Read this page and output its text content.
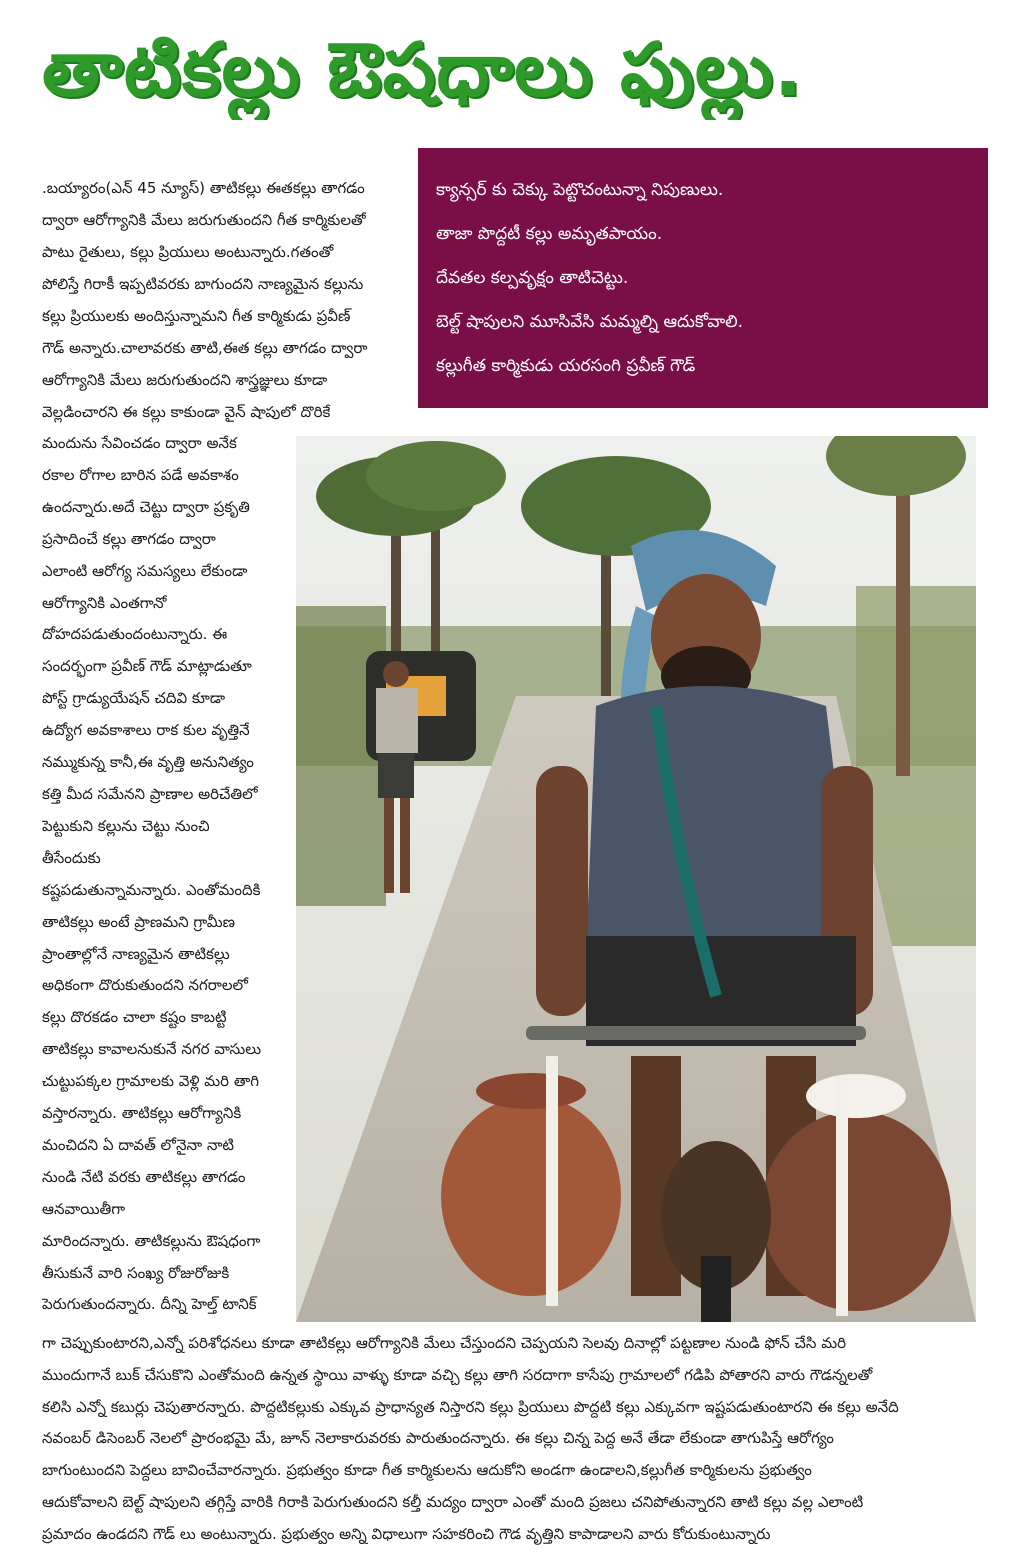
తాటికల్లు ఔషధాలు ఫుల్లు.

.బయ్యారం(ఎన్ 45 న్యూస్) తాటికల్లు ఈతకల్లు తాగడం

ద్వారా ఆరోగ్యానికి మేలు జరుగుతుందని గీత కార్మికులతో

పాటు రైతులు, కల్లు ప్రియులు అంటున్నారు.గతంతో

పోలిస్తే గిరాకీ ఇప్పటివరకు బాగుందని నాణ్యమైన కల్లును

కల్లు ప్రియులకు అందిస్తున్నామని గీత కార్మికుడు ప్రవీణ్

గౌడ్ అన్నారు.చాలావరకు తాటి,ఈత కల్లు తాగడం ద్వారా

ఆరోగ్యానికి మేలు జరుగుతుందని శాస్త్రజ్ఞులు కూడా

వెల్లడించారని ఈ కల్లు కాకుండా వైన్ షాపులో దొరికే

క్యాన్సర్ కు చెక్కు పెట్టొచంటున్నా నిపుణులు.

తాజా పొద్దటీ కల్లు అమృతపాయం.

దేవతల కల్పవృక్షం తాటిచెట్టు.

బెల్ట్ షాపులని మూసివేసి మమ్మల్ని ఆదుకోవాలి.

కల్లుగీత కార్మికుడు యరసంగి ప్రవీణ్ గౌడ్

మందును సేవించడం ద్వారా అనేక

రకాల రోగాల బారిన పడే అవకాశం

ఉందన్నారు.అదే చెట్టు ద్వారా ప్రకృతి

ప్రసాదించే కల్లు తాగడం ద్వారా

ఎలాంటి ఆరోగ్య సమస్యలు లేకుండా

ఆరోగ్యానికి ఎంతగానో

దోహదపడుతుందంటున్నారు. ఈ

సందర్భంగా ప్రవీణ్ గౌడ్ మాట్లాడుతూ

పోస్ట్ గ్రాడ్యుయేషన్ చదివి కూడా

ఉద్యోగ అవకాశాలు రాక కుల వృత్తినే

నమ్ముకున్న కానీ,ఈ వృత్తి అనునిత్యం

కత్తి మీద సమేనని ప్రాణాల అరిచేతిలో

పెట్టుకుని కల్లును చెట్టు నుంచి

తీసేందుకు

కష్టపడుతున్నామన్నారు. ఎంతోమందికి

తాటికల్లు అంటే ప్రాణమని గ్రామీణ

ప్రాంతాల్లోనే నాణ్యమైన తాటికల్లు

అధికంగా దొరుకుతుందని నగరాలలో

కల్లు దొరకడం చాలా కష్టం కాబట్టి

తాటికల్లు కావాలనుకునే నగర వాసులు

చుట్టుపక్కల గ్రామాలకు వెళ్లి మరి తాగి

వస్తారన్నారు. తాటికల్లు ఆరోగ్యానికి

మంచిదని ఏ దావత్ లోనైనా నాటి

నుండి నేటి వరకు తాటికల్లు తాగడం

ఆనవాయితీగా

మారిందన్నారు. తాటికల్లును ఔషధంగా

తీసుకునే వారి సంఖ్య రోజురోజుకి

పెరుగుతుందన్నారు. దీన్ని హెల్త్ టానిక్

గా చెప్పుకుంటారని,ఎన్నో పరిశోధనలు కూడా తాటికల్లు ఆరోగ్యానికి మేలు చేస్తుందని చెప్పయని సెలవు దినాల్లో పట్టణాల నుండి ఫోన్ చేసి మరి

ముందుగానే బుక్ చేసుకొని ఎంతోమంది ఉన్నత స్థాయి వాళ్ళు కూడా వచ్చి కల్లు తాగి సరదాగా కాసేపు గ్రామాలలో గడిపి పోతారని వారు గౌడన్నలతో

కలిసి ఎన్నో కబుర్లు చెపుతారన్నారు. పొద్దటికల్లుకు ఎక్కువ ప్రాధాన్యత నిస్తారని కల్లు ప్రియులు పొద్దటి కల్లు ఎక్కువగా ఇష్టపడుతుంటారని ఈ కల్లు అనేది

నవంబర్ డిసెంబర్ నెలలో ప్రారంభమై మే, జూన్ నెలాకారువరకు పారుతుందన్నారు. ఈ కల్లు చిన్న పెద్ద అనే తేడా లేకుండా తాగుపిస్తే ఆరోగ్యం

బాగుంటుందని పెద్దలు బావించేవారన్నారు. ప్రభుత్వం కూడా గీత కార్మికులను ఆదుకోని అండగా ఉండాలని,కల్లుగీత కార్మికులను ప్రభుత్వం

ఆదుకోవాలని బెల్ట్ షాపులని తగ్గిస్తే వారికి గిరాకి పెరుగుతుందని కల్తీ మద్యం ద్వారా ఎంతో మంది ప్రజలు చనిపోతున్నారని తాటి కల్లు వల్ల ఎలాంటి

ప్రమాదం ఉండదని గౌడ్ లు అంటున్నారు. ప్రభుత్వం అన్ని విధాలుగా సహకరించి గౌడ వృత్తిని కాపాడాలని వారు కోరుకుంటున్నారు
